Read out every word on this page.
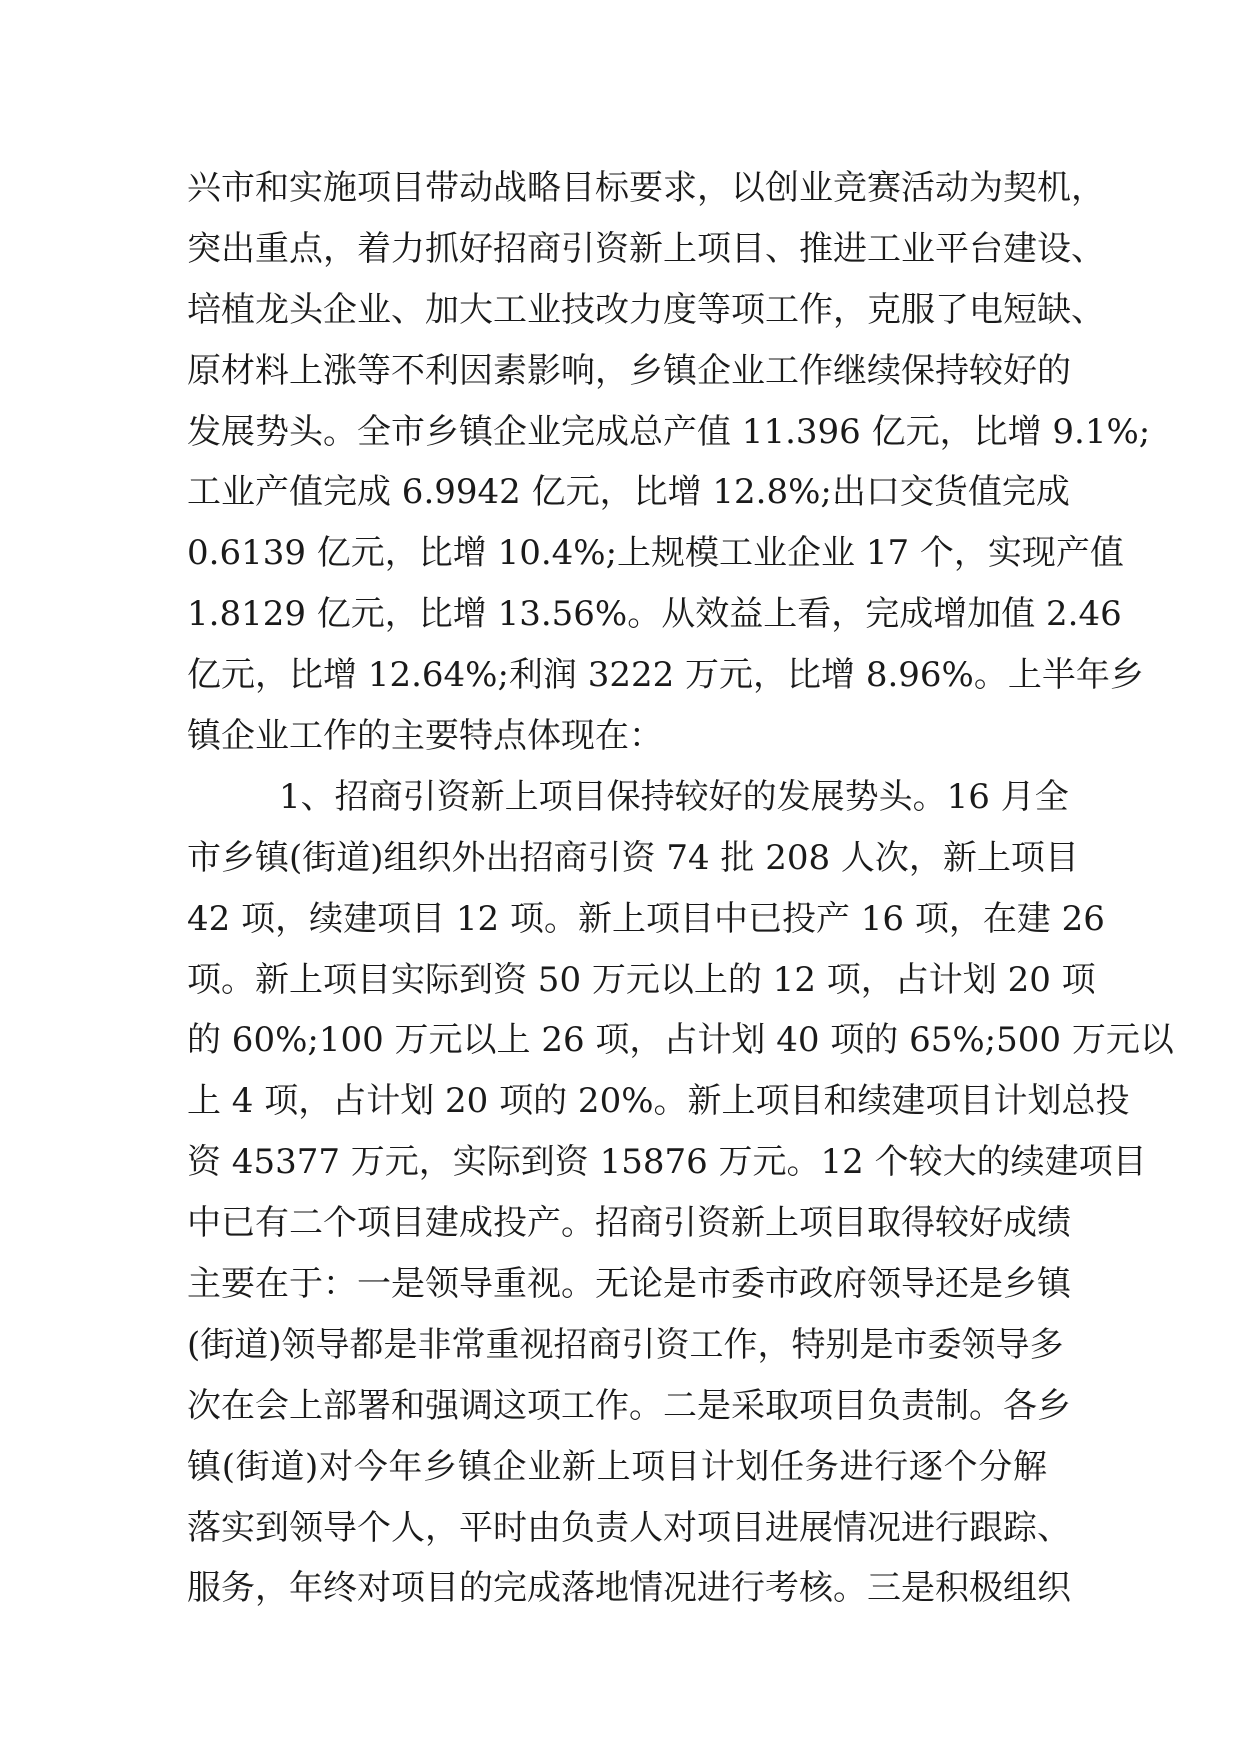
兴市和实施项目带动战略目标要求，以创业竞赛活动为契机，
突出重点，着力抓好招商引资新上项目、推进工业平台建设、
培植龙头企业、加大工业技改力度等项工作，克服了电短缺、
原材料上涨等不利因素影响，乡镇企业工作继续保持较好的
发展势头。全市乡镇企业完成总产值 11.396 亿元，比增 9.1%;
工业产值完成 6.9942 亿元，比增 12.8%;出口交货值完成
0.6139 亿元，比增 10.4%;上规模工业企业 17 个，实现产值
1.8129 亿元，比增 13.56%。从效益上看，完成增加值 2.46
亿元，比增 12.64%;利润 3222 万元，比增 8.96%。上半年乡
镇企业工作的主要特点体现在：
1、招商引资新上项目保持较好的发展势头。16 月全
市乡镇(街道)组织外出招商引资 74 批 208 人次，新上项目
42 项，续建项目 12 项。新上项目中已投产 16 项，在建 26
项。新上项目实际到资 50 万元以上的 12 项，占计划 20 项
的 60%;100 万元以上 26 项，占计划 40 项的 65%;500 万元以
上 4 项，占计划 20 项的 20%。新上项目和续建项目计划总投
资 45377 万元，实际到资 15876 万元。12 个较大的续建项目
中已有二个项目建成投产。招商引资新上项目取得较好成绩
主要在于：一是领导重视。无论是市委市政府领导还是乡镇
(街道)领导都是非常重视招商引资工作，特别是市委领导多
次在会上部署和强调这项工作。二是采取项目负责制。各乡
镇(街道)对今年乡镇企业新上项目计划任务进行逐个分解
落实到领导个人，平时由负责人对项目进展情况进行跟踪、
服务，年终对项目的完成落地情况进行考核。三是积极组织
